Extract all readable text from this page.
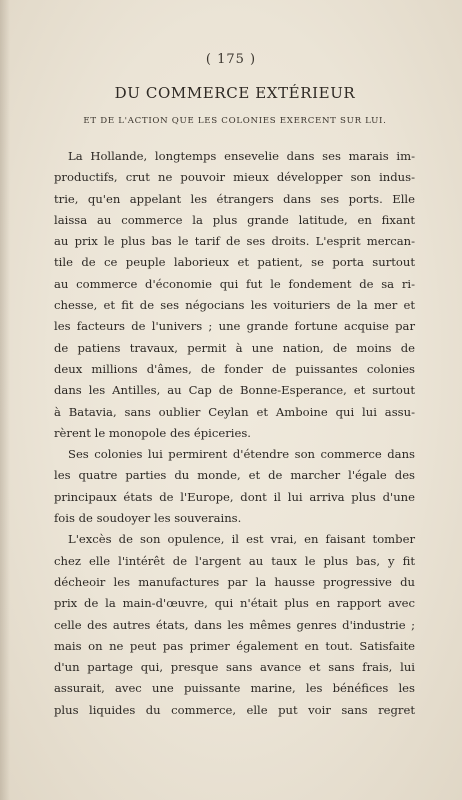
( 175 )
DU COMMERCE EXTÉRIEUR
ET DE L'ACTION QUE LES COLONIES EXERCENT SUR LUI.
La Hollande, longtemps ensevelie dans ses marais im-
productifs, crut ne pouvoir mieux développer son indus-
trie, qu'en appelant les étrangers dans ses ports. Elle
laissa au commerce la plus grande latitude, en fixant
au prix le plus bas le tarif de ses droits. L'esprit mercan-
tile de ce peuple laborieux et patient, se porta surtout
au commerce d'économie qui fut le fondement de sa ri-
chesse, et fit de ses négocians les voituriers de la mer et
les facteurs de l'univers ; une grande fortune acquise par
de patiens travaux, permit à une nation, de moins de
deux millions d'âmes, de fonder de puissantes colonies
dans les Antilles, au Cap de Bonne-Esperance, et surtout
à Batavia, sans oublier Ceylan et Amboine qui lui assu-
rèrent le monopole des épiceries.
Ses colonies lui permirent d'étendre son commerce dans
les quatre parties du monde, et de marcher l'égale des
principaux états de l'Europe, dont il lui arriva plus d'une
fois de soudoyer les souverains.
L'excès de son opulence, il est vrai, en faisant tomber
chez elle l'intérêt de l'argent au taux le plus bas, y fit
décheoir les manufactures par la hausse progressive du
prix de la main-d'œuvre, qui n'était plus en rapport avec
celle des autres états, dans les mêmes genres d'industrie ;
mais on ne peut pas primer également en tout. Satisfaite
d'un partage qui, presque sans avance et sans frais, lui
assurait, avec une puissante marine, les bénéfices les
plus liquides du commerce, elle put voir sans regret
